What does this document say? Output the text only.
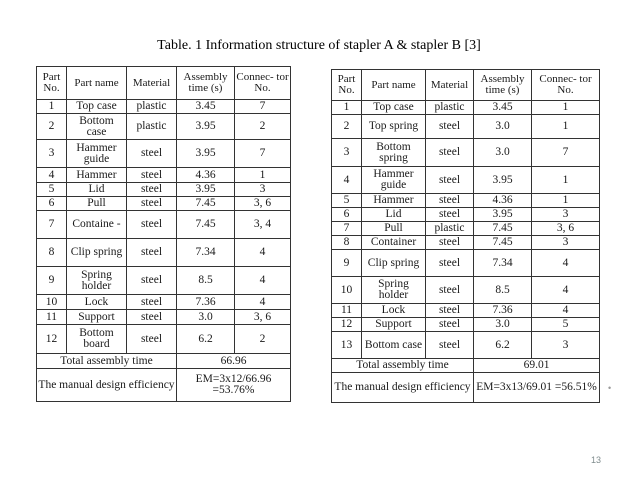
Table. 1 Information structure of stapler A & stapler B [3]
Part No.	Part name	Material	Assembly time (s)	Connec- tor No.
1	Top case	plastic	3.45	7
2	Bottom case	plastic	3.95	2
3	Hammer guide	steel	3.95	7
4	Hammer	steel	4.36	1
5	Lid	steel	3.95	3
6	Pull	steel	7.45	3, 6
7	Containe -	steel	7.45	3, 4
8	Clip spring	steel	7.34	4
9	Spring holder	steel	8.5	4
10	Lock	steel	7.36	4
11	Support	steel	3.0	3, 6
12	Bottom board	steel	6.2	2
Total assembly time			66.96	
The manual design efficiency			EM=3x12/66.96 =53.76%	
Part No.	Part name	Material	Assembly time (s)	Connec- tor No.
1	Top case	plastic	3.45	1
2	Top spring	steel	3.0	1
3	Bottom spring	steel	3.0	7
4	Hammer guide	steel	3.95	1
5	Hammer	steel	4.36	1
6	Lid	steel	3.95	3
7	Pull	plastic	7.45	3, 6
8	Container	steel	7.45	3
9	Clip spring	steel	7.34	4
10	Spring holder	steel	8.5	4
11	Lock	steel	7.36	4
12	Support	steel	3.0	5
13	Bottom case	steel	6.2	3
Total assembly time			69.01	
The manual design efficiency			EM=3x13/69.01 =56.51%	•
13
